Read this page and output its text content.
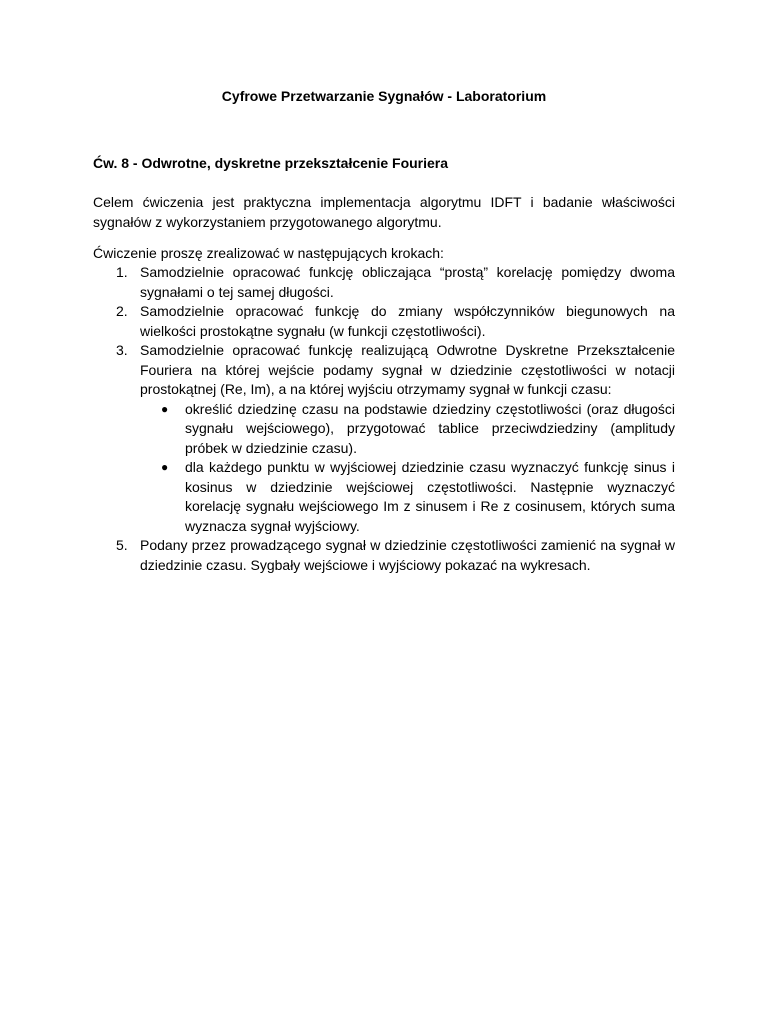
Cyfrowe Przetwarzanie Sygnałów - Laboratorium
Ćw. 8 - Odwrotne, dyskretne przekształcenie Fouriera
Celem ćwiczenia jest praktyczna implementacja algorytmu IDFT i badanie właściwości sygnałów z wykorzystaniem przygotowanego algorytmu.
Ćwiczenie proszę zrealizować w następujących krokach:
1. Samodzielnie opracować funkcję obliczająca “prostą” korelację pomiędzy dwoma sygnałami o tej samej długości.
2. Samodzielnie opracować funkcję do zmiany współczynników biegunowych na wielkości prostokątne sygnału (w funkcji częstotliwości).
3. Samodzielnie opracować funkcję realizującą Odwrotne Dyskretne Przekształcenie Fouriera na której wejście podamy sygnał w dziedzinie częstotliwości w notacji prostokątnej (Re, Im), a na której wyjściu otrzymamy sygnał w funkcji czasu:
● określić dziedzinę czasu na podstawie dziedziny częstotliwości (oraz długości sygnału wejściowego), przygotować tablice przeciwdziedziny (amplitudy próbek w dziedzinie czasu).
● dla każdego punktu w wyjściowej dziedzinie czasu wyznaczyć funkcję sinus i kosinus w dziedzinie wejściowej częstotliwości. Następnie wyznaczyć korelację sygnału wejściowego Im z sinusem i Re z cosinusem, których suma wyznacza sygnał wyjściowy.
5. Podany przez prowadzącego sygnał w dziedzinie częstotliwości zamienić na sygnał w dziedzinie czasu. Sygbały wejściowe i wyjściowy pokazać na wykresach.
